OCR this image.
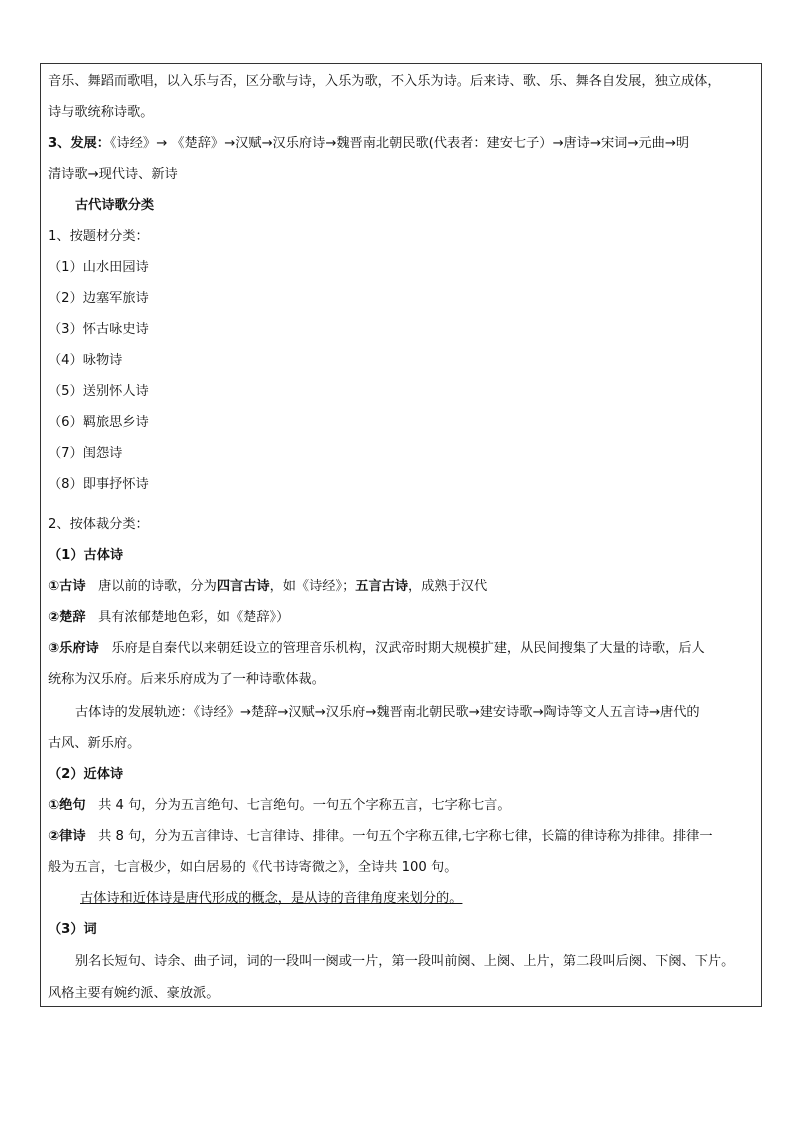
音乐、舞蹈而歌唱，以入乐与否，区分歌与诗，入乐为歌，不入乐为诗。后来诗、歌、乐、舞各自发展，独立成体，
诗与歌统称诗歌。
3、发展：《诗经》→ 《楚辞》→汉赋→汉乐府诗→魏晋南北朝民歌(代表者：建安七子）→唐诗→宋词→元曲→明
清诗歌→现代诗、新诗
古代诗歌分类
1、按题材分类：
（1）山水田园诗
（2）边塞军旅诗
（3）怀古咏史诗
（4）咏物诗
（5）送别怀人诗
（6）羁旅思乡诗
（7）闺怨诗
（8）即事抒怀诗
2、按体裁分类：
（1）古体诗
①古诗 唐以前的诗歌，分为四言古诗，如《诗经》；五言古诗，成熟于汉代
②楚辞 具有浓郁楚地色彩，如《楚辞》）
③乐府诗 乐府是自秦代以来朝廷设立的管理音乐机构，汉武帝时期大规模扩建，从民间搜集了大量的诗歌，后人
统称为汉乐府。后来乐府成为了一种诗歌体裁。
古体诗的发展轨迹：《诗经》→楚辞→汉赋→汉乐府→魏晋南北朝民歌→建安诗歌→陶诗等文人五言诗→唐代的
古风、新乐府。
（2）近体诗
①绝句 共 4 句，分为五言绝句、七言绝句。一句五个字称五言，七字称七言。
②律诗 共 8 句，分为五言律诗、七言律诗、排律。一句五个字称五律,七字称七律，长篇的律诗称为排律。排律一
般为五言，七言极少，如白居易的《代书诗寄微之》，全诗共 100 句。
古体诗和近体诗是唐代形成的概念，是从诗的音律角度来划分的。
（3）词
别名长短句、诗余、曲子词，词的一段叫一阕或一片，第一段叫前阕、上阕、上片，第二段叫后阕、下阕、下片。
风格主要有婉约派、豪放派。
